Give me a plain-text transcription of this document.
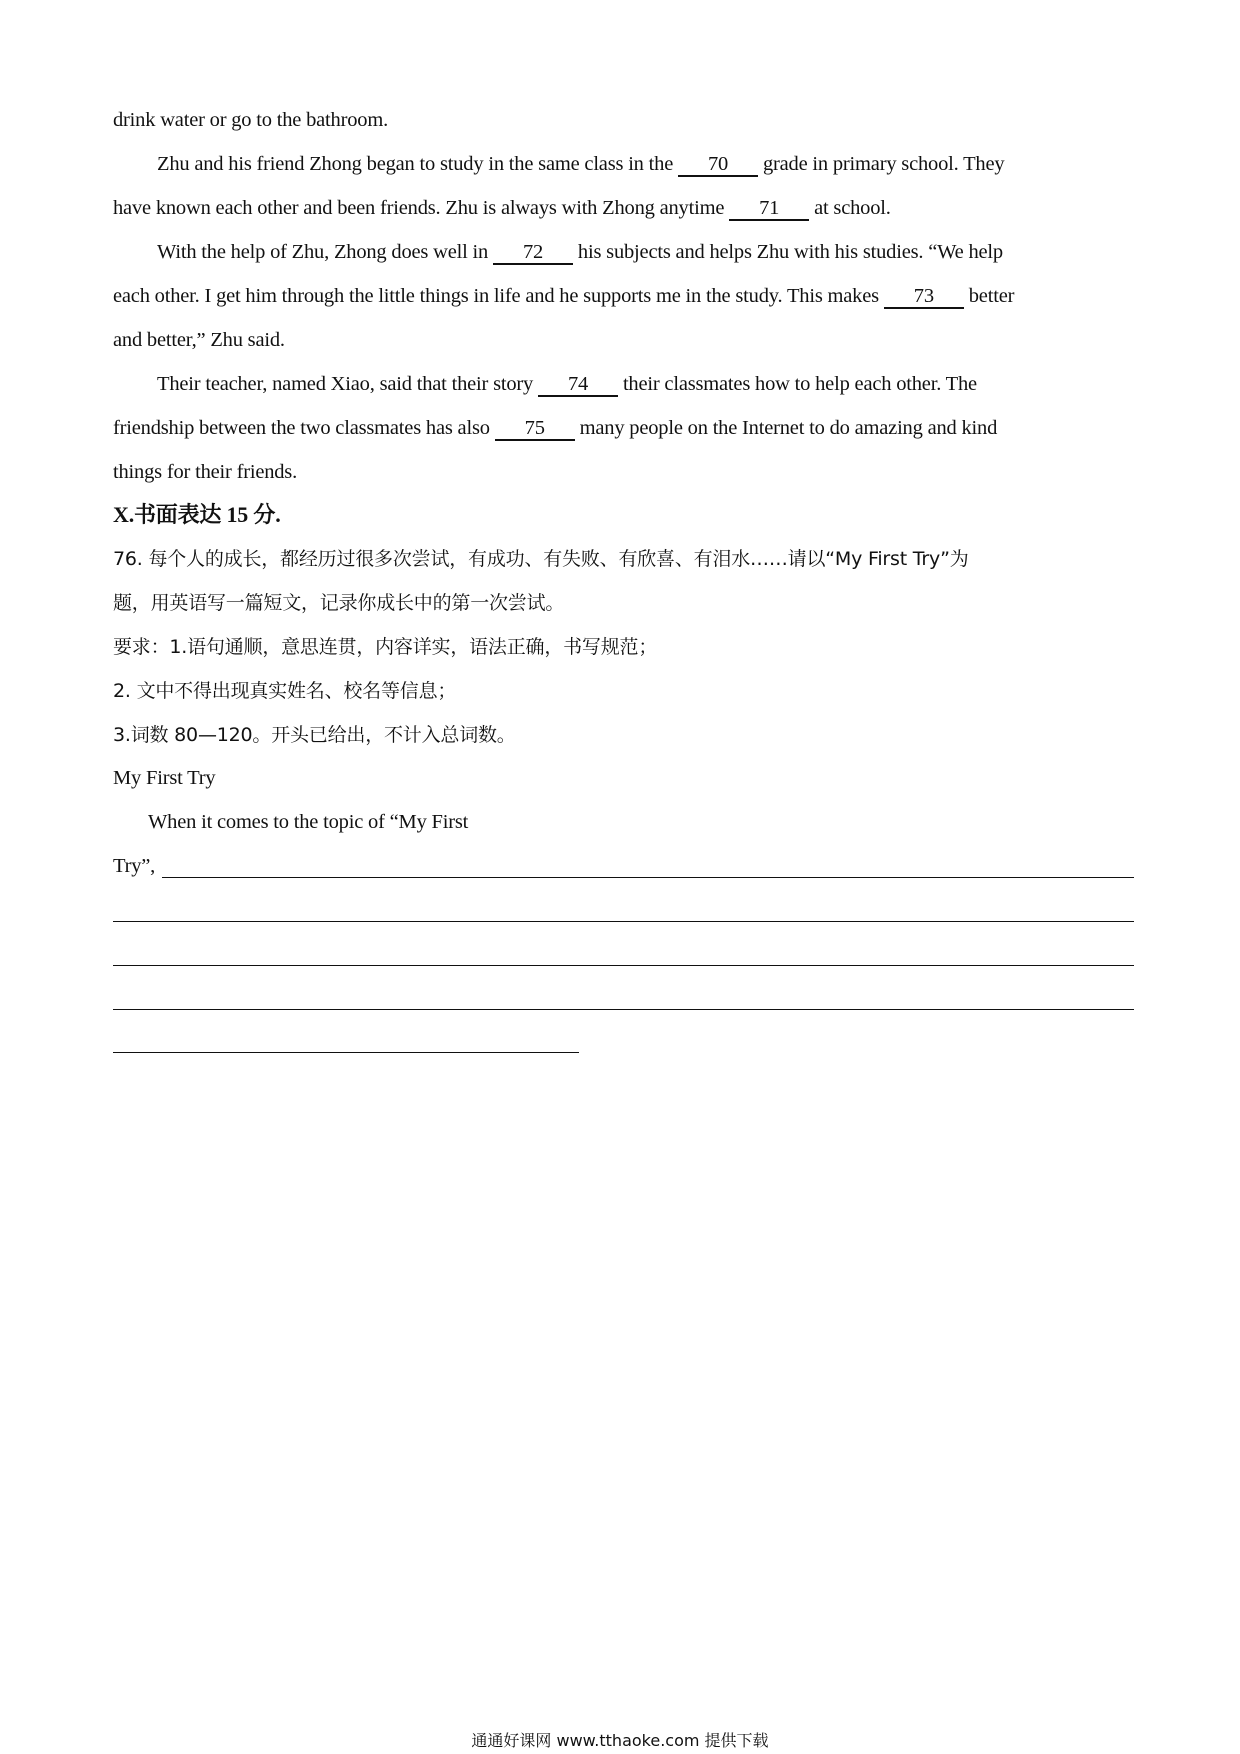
drink water or go to the bathroom.
Zhu and his friend Zhong began to study in the same class in the 70 grade in primary school. They
have known each other and been friends. Zhu is always with Zhong anytime 71 at school.
With the help of Zhu, Zhong does well in 72 his subjects and helps Zhu with his studies. “We help
each other. I get him through the little things in life and he supports me in the study. This makes 73 better
and better,” Zhu said.
Their teacher, named Xiao, said that their story 74 their classmates how to help each other. The
friendship between the two classmates has also 75 many people on the Internet to do amazing and kind
things for their friends.
X.书面表达 15 分.
76. 每个人的成长，都经历过很多次尝试，有成功、有失败、有欣喜、有泪水……请以“My First Try”为
题，用英语写一篇短文，记录你成长中的第一次尝试。
要求：1.语句通顺，意思连贯，内容详实，语法正确，书写规范；
2. 文中不得出现真实姓名、校名等信息；
3.词数 80—120。开头已给出，不计入总词数。
My First Try
When it comes to the topic of “My First
Try”,
通通好课网 www.tthaoke.com 提供下载
